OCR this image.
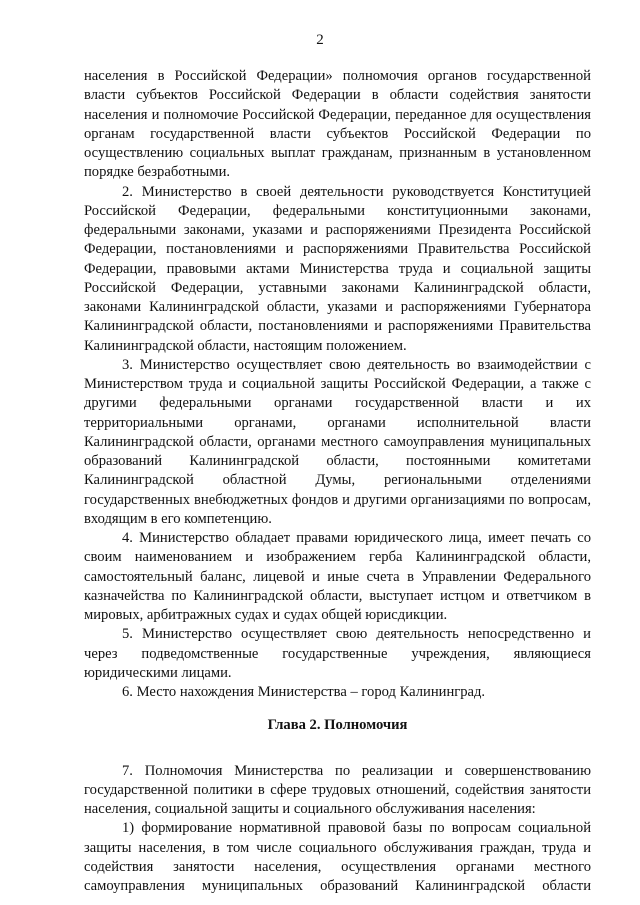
2

населения в Российской Федерации» полномочия органов государственной власти субъектов Российской Федерации в области содействия занятости населения и полномочие Российской Федерации, переданное для осуществления органам государственной власти субъектов Российской Федерации по осуществлению социальных выплат гражданам, признанным в установленном порядке безработными.

2. Министерство в своей деятельности руководствуется Конституцией Российской Федерации, федеральными конституционными законами, федеральными законами, указами и распоряжениями Президента Российской Федерации, постановлениями и распоряжениями Правительства Российской Федерации, правовыми актами Министерства труда и социальной защиты Российской Федерации, уставными законами Калининградской области, законами Калининградской области, указами и распоряжениями Губернатора Калининградской области, постановлениями и распоряжениями Правительства Калининградской области, настоящим положением.

3. Министерство осуществляет свою деятельность во взаимодействии с Министерством труда и социальной защиты Российской Федерации, а также с другими федеральными органами государственной власти и их территориальными органами, органами исполнительной власти Калининградской области, органами местного самоуправления муниципальных образований Калининградской области, постоянными комитетами Калининградской областной Думы, региональными отделениями государственных внебюджетных фондов и другими организациями по вопросам, входящим в его компетенцию.

4. Министерство обладает правами юридического лица, имеет печать со своим наименованием и изображением герба Калининградской области, самостоятельный баланс, лицевой и иные счета в Управлении Федерального казначейства по Калининградской области, выступает истцом и ответчиком в мировых, арбитражных судах и судах общей юрисдикции.

5. Министерство осуществляет свою деятельность непосредственно и через подведомственные государственные учреждения, являющиеся юридическими лицами.

6. Место нахождения Министерства – город Калининград.

Глава 2. Полномочия

7. Полномочия Министерства по реализации и совершенствованию государственной политики в сфере трудовых отношений, содействия занятости населения, социальной защиты и социального обслуживания населения:

1) формирование нормативной правовой базы по вопросам социальной защиты населения, в том числе социального обслуживания граждан, труда и содействия занятости населения, осуществления органами местного самоуправления муниципальных образований Калининградской области
